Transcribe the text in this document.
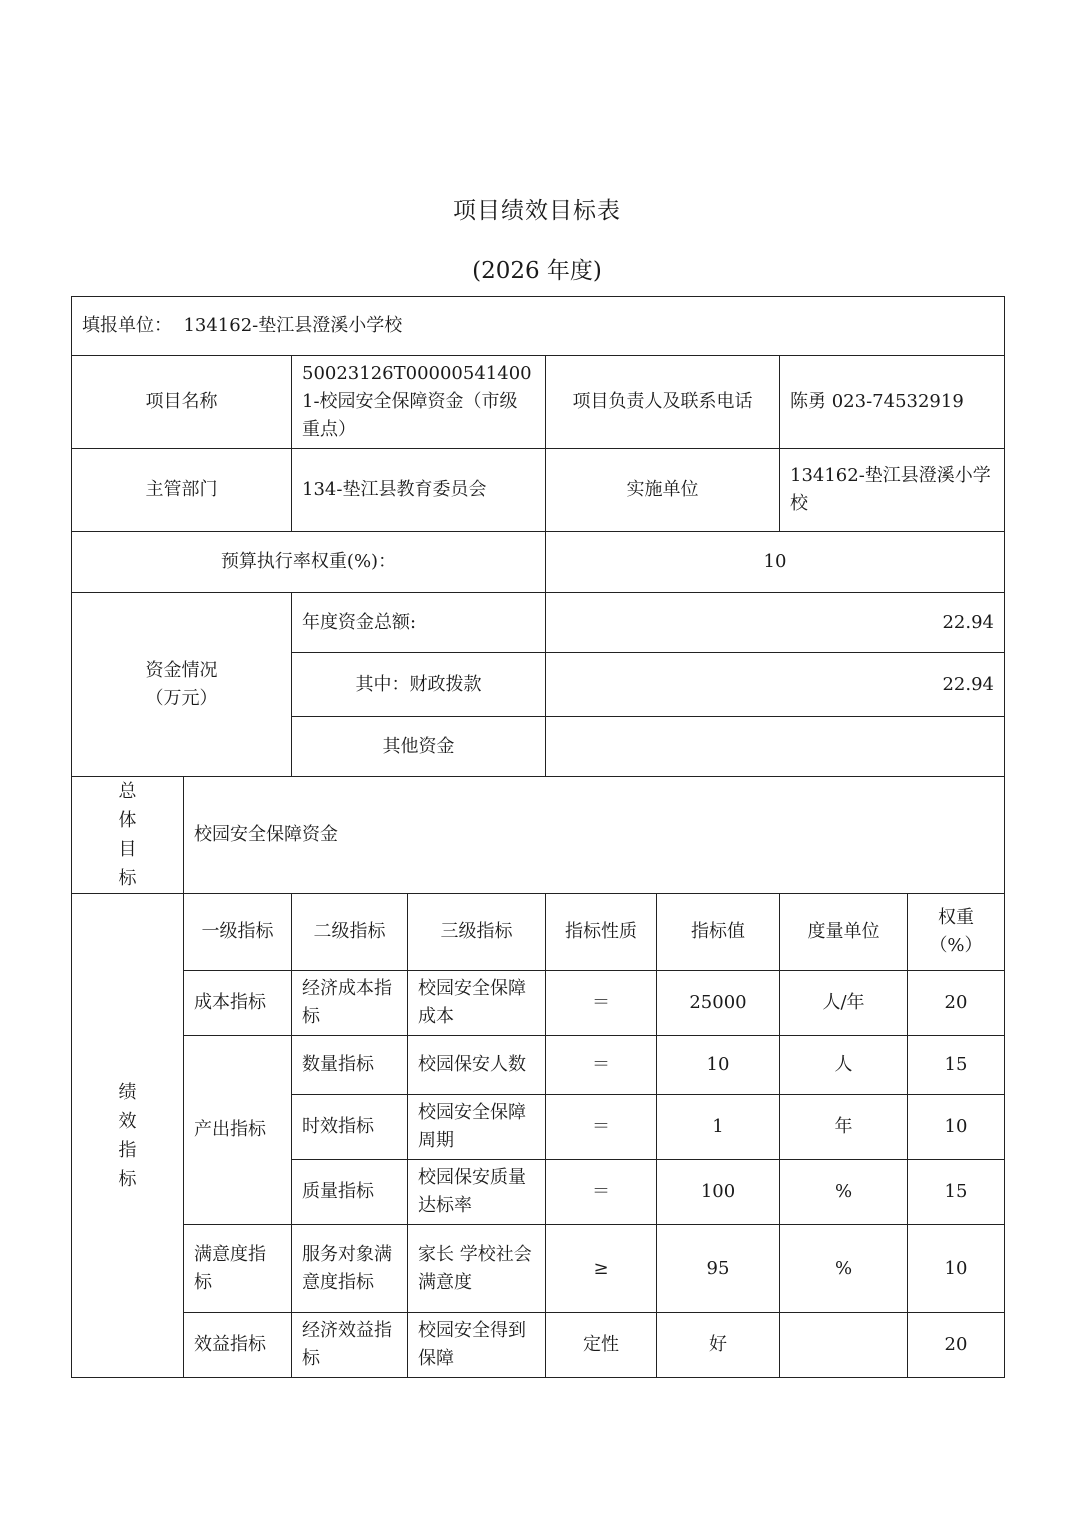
项目绩效目标表
(2026 年度)
填报单位： 134162-垫江县澄溪小学校							
项目名称		50023126T000005414001-校园安全保障资金（市级重点）		项目负责人及联系电话		陈勇 023-74532919	
主管部门		134-垫江县教育委员会		实施单位		134162-垫江县澄溪小学校	
预算执行率权重(%)：				10			
资金情况
（万元）		年度资金总额:		22.94			
		其中：财政拨款		22.94			
		其他资金					

总
体
目
标	校园安全保障资金						

绩
效
指
标	一级指标	二级指标	三级指标	指标性质	指标值	度量单位	权重（%）
	成本指标	经济成本指标	校园安全保障成本	＝	25000	人/年	20
	产出指标	数量指标	校园保安人数	＝	10	人	15
		时效指标	校园安全保障周期	＝	1	年	10
		质量指标	校园保安质量达标率	＝	100	%	15
	满意度指标	服务对象满意度指标	家长 学校社会满意度	≥	95	%	10
	效益指标	经济效益指标	校园安全得到 保障	定性	好		20
